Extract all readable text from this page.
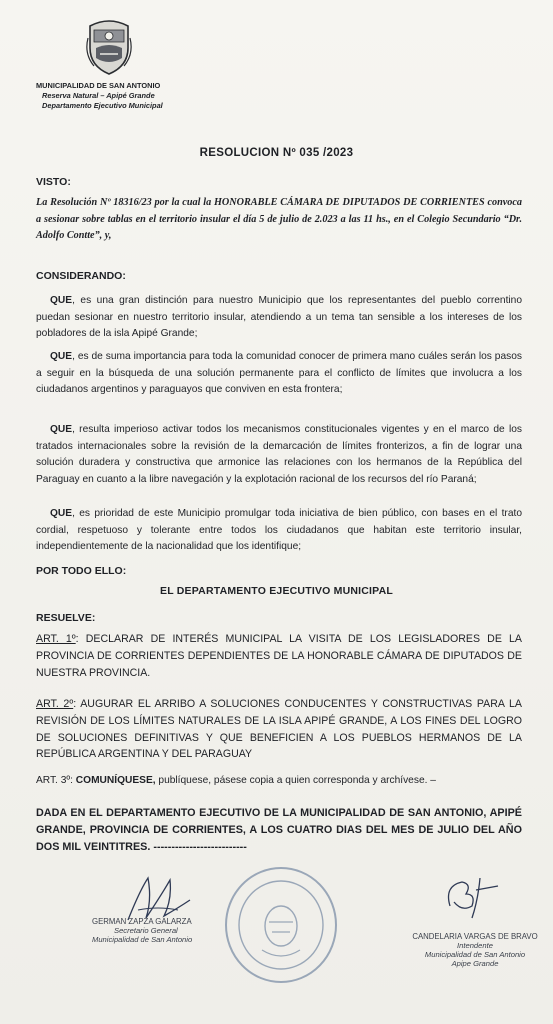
MUNICIPALIDAD DE SAN ANTONIO
Reserva Natural – Apipé Grande
Departamento Ejecutivo Municipal
RESOLUCION Nº 035 /2023
VISTO:
La Resolución Nº 18316/23 por la cual la HONORABLE CÁMARA DE DIPUTADOS DE CORRIENTES convoca a sesionar sobre tablas en el territorio insular el día 5 de julio de 2.023 a las 11 hs., en el Colegio Secundario “Dr. Adolfo Contte”, y,
CONSIDERANDO:
QUE, es una gran distinción para nuestro Municipio que los representantes del pueblo correntino puedan sesionar en nuestro territorio insular, atendiendo a un tema tan sensible a los intereses de los pobladores de la isla Apipé Grande;
QUE, es de suma importancia para toda la comunidad conocer de primera mano cuáles serán los pasos a seguir en la búsqueda de una solución permanente para el conflicto de límites que involucra a los ciudadanos argentinos y paraguayos que conviven en esta frontera;
QUE, resulta imperioso activar todos los mecanismos constitucionales vigentes y en el marco de los tratados internacionales sobre la revisión de la demarcación de límites fronterizos, a fin de lograr una solución duradera y constructiva que armonice las relaciones con los hermanos de la República del Paraguay en cuanto a la libre navegación y la explotación racional de los recursos del río Paraná;
QUE, es prioridad de este Municipio promulgar toda iniciativa de bien público, con bases en el trato cordial, respetuoso y tolerante entre todos los ciudadanos que habitan este territorio insular, independientemente de la nacionalidad que los identifique;
POR TODO ELLO:
EL DEPARTAMENTO EJECUTIVO MUNICIPAL
RESUELVE:
ART. 1º: DECLARAR DE INTERÉS MUNICIPAL LA VISITA DE LOS LEGISLADORES DE LA PROVINCIA DE CORRIENTES DEPENDIENTES DE LA HONORABLE CÁMARA DE DIPUTADOS DE NUESTRA PROVINCIA.
ART. 2º: AUGURAR EL ARRIBO A SOLUCIONES CONDUCENTES Y CONSTRUCTIVAS PARA LA REVISIÓN DE LOS LÍMITES NATURALES DE LA ISLA APIPÉ GRANDE, A LOS FINES DEL LOGRO DE SOLUCIONES DEFINITIVAS Y QUE BENEFICIEN A LOS PUEBLOS HERMANOS DE LA REPÚBLICA ARGENTINA Y DEL PARAGUAY
ART. 3º: COMUNÍQUESE, publíquese, pásese copia a quien corresponda y archívese. –
DADA EN EL DEPARTAMENTO EJECUTIVO DE LA MUNICIPALIDAD DE SAN ANTONIO, APIPÉ GRANDE, PROVINCIA DE CORRIENTES, A LOS CUATRO DIAS DEL MES DE JULIO DEL AÑO DOS MIL VEINTITRES. --------------------------
GERMAN ZAPZA GALARZA
Secretario General
Municipalidad de San Antonio	CANDELARIA VARGAS DE BRAVO
Intendente
Municipalidad de San Antonio
Apipe Grande
